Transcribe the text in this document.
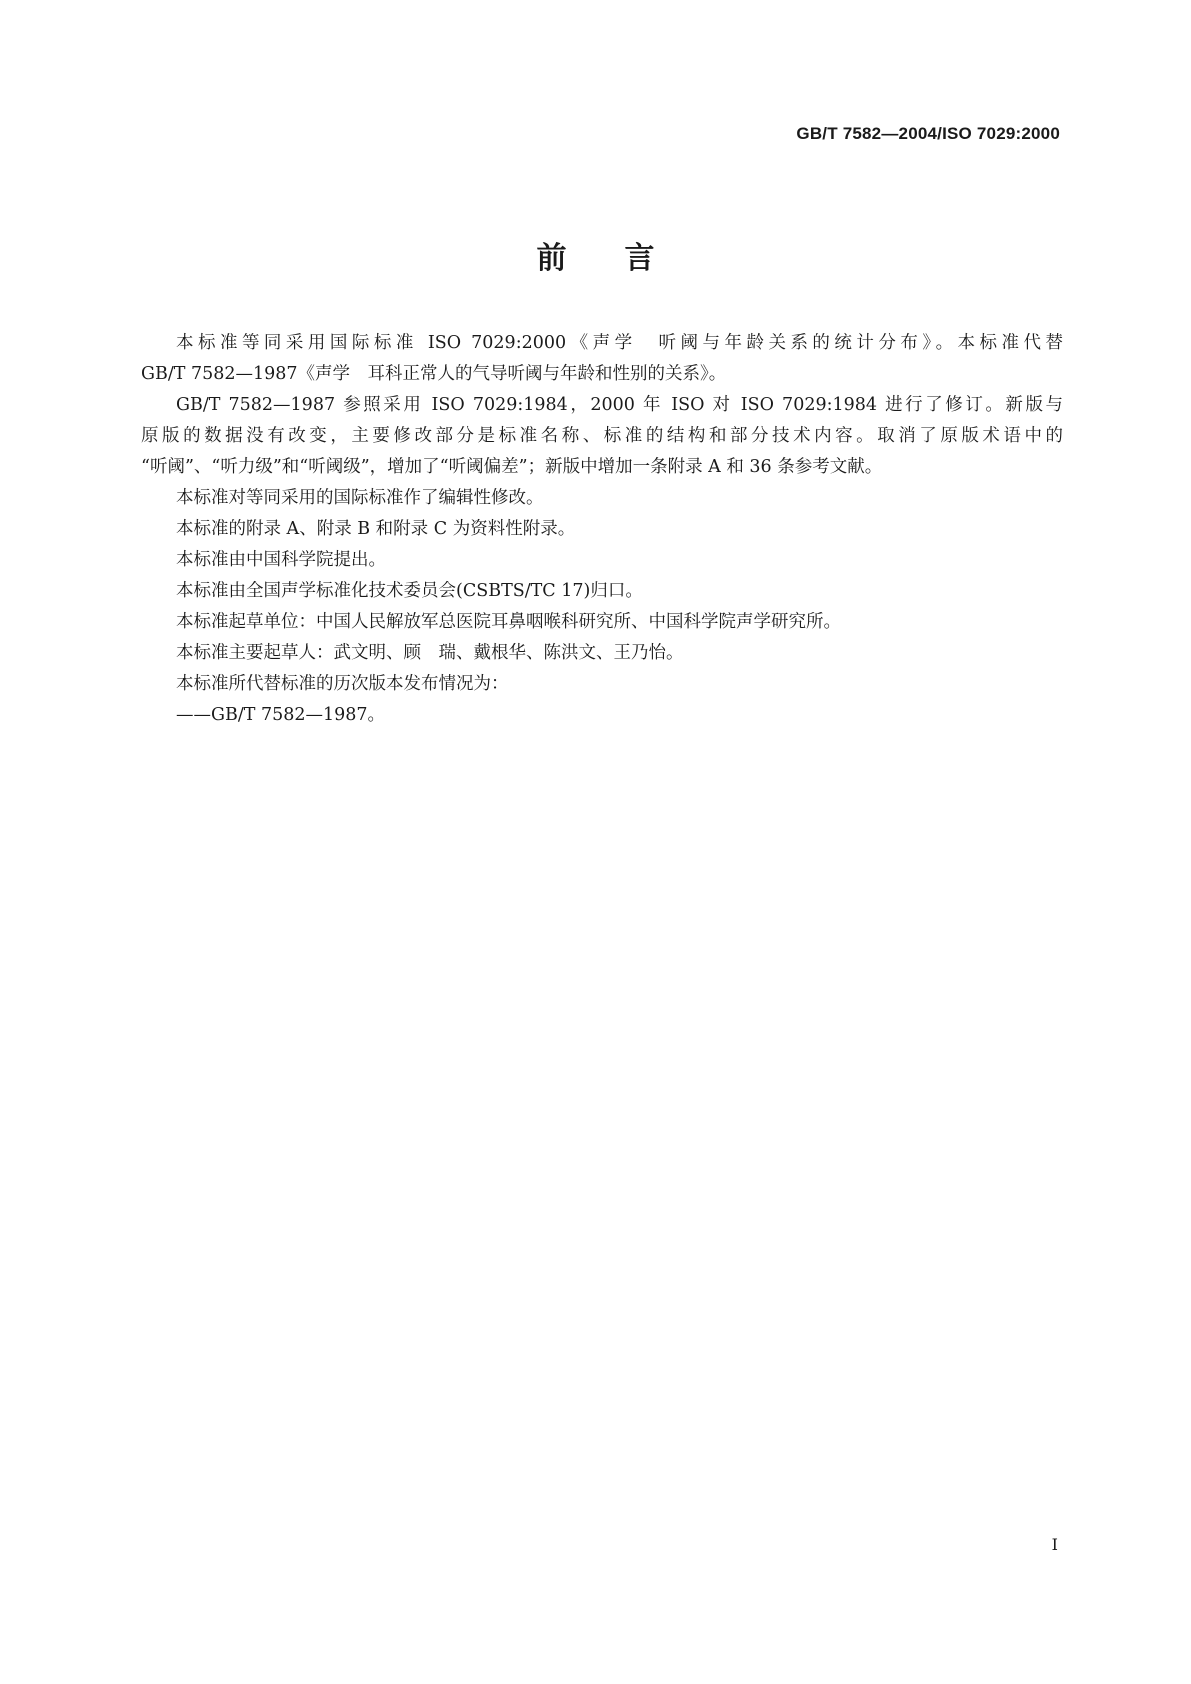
GB/T 7582—2004/ISO 7029:2000
前 言

本标准等同采用国际标准 ISO 7029:2000《声学　听阈与年龄关系的统计分布》。本标准代替

GB/T 7582—1987《声学　耳科正常人的气导听阈与年龄和性别的关系》。

GB/T 7582—1987 参照采用 ISO 7029:1984，2000 年 ISO 对 ISO 7029:1984 进行了修订。新版与

原版的数据没有改变，主要修改部分是标准名称、标准的结构和部分技术内容。取消了原版术语中的

“听阈”、“听力级”和“听阈级”，增加了“听阈偏差”；新版中增加一条附录 A 和 36 条参考文献。

本标准对等同采用的国际标准作了编辑性修改。

本标准的附录 A、附录 B 和附录 C 为资料性附录。

本标准由中国科学院提出。

本标准由全国声学标准化技术委员会(CSBTS/TC 17)归口。

本标准起草单位：中国人民解放军总医院耳鼻咽喉科研究所、中国科学院声学研究所。

本标准主要起草人：武文明、顾　瑞、戴根华、陈洪文、王乃怡。

本标准所代替标准的历次版本发布情况为：

——GB/T 7582—1987。

I
